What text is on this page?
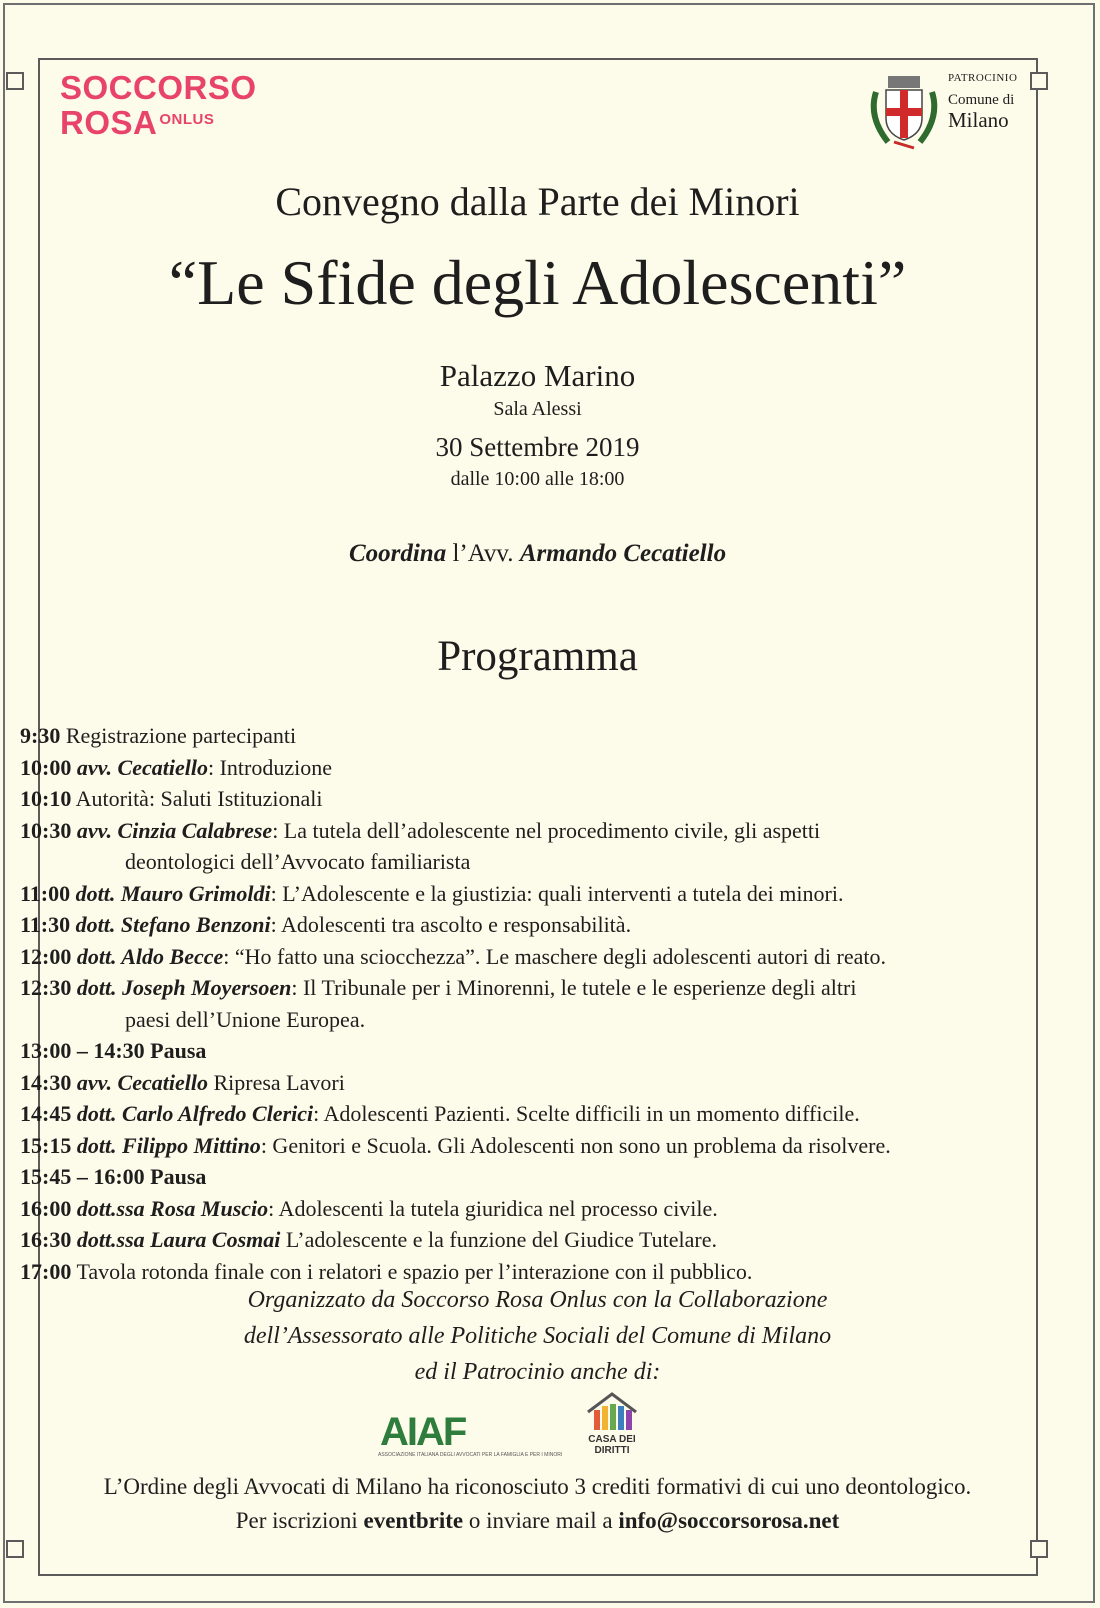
SOCCORSO
ROSA ONLUS
PATROCINIO
Comune di
Milano
Convegno dalla Parte dei Minori
“Le Sfide degli Adolescenti”
Palazzo Marino
Sala Alessi
30 Settembre 2019
dalle 10:00 alle 18:00
Coordina l’Avv. Armando Cecatiello
Programma
9:30 Registrazione partecipanti
10:00 avv. Cecatiello: Introduzione
10:10 Autorità: Saluti Istituzionali
10:30 avv. Cinzia Calabrese: La tutela dell’adolescente nel procedimento civile, gli aspetti
deontologici dell’Avvocato familiarista
11:00 dott. Mauro Grimoldi: L’Adolescente e la giustizia: quali interventi a tutela dei minori.
11:30 dott. Stefano Benzoni: Adolescenti tra ascolto e responsabilità.
12:00 dott. Aldo Becce: “Ho fatto una sciocchezza”. Le maschere degli adolescenti autori di reato.
12:30 dott. Joseph Moyersoen: Il Tribunale per i Minorenni, le tutele e le esperienze degli altri
paesi dell’Unione Europea.
13:00 – 14:30 Pausa
14:30 avv. Cecatiello Ripresa Lavori
14:45 dott. Carlo Alfredo Clerici: Adolescenti Pazienti. Scelte difficili in un momento difficile.
15:15 dott. Filippo Mittino: Genitori e Scuola. Gli Adolescenti non sono un problema da risolvere.
15:45 – 16:00 Pausa
16:00 dott.ssa Rosa Muscio: Adolescenti la tutela giuridica nel processo civile.
16:30 dott.ssa Laura Cosmai L’adolescente e la funzione del Giudice Tutelare.
17:00 Tavola rotonda finale con i relatori e spazio per l’interazione con il pubblico.
Organizzato da Soccorso Rosa Onlus con la Collaborazione
dell’Assessorato alle Politiche Sociali del Comune di Milano
ed il Patrocinio anche di:
AIAF
ASSOCIAZIONE ITALIANA DEGLI AVVOCATI PER LA FAMIGLIA E PER I MINORI
CASA DEI
DIRITTI
L’Ordine degli Avvocati di Milano ha riconosciuto 3 crediti formativi di cui uno deontologico.
Per iscrizioni eventbrite o inviare mail a info@soccorsorosa.net
